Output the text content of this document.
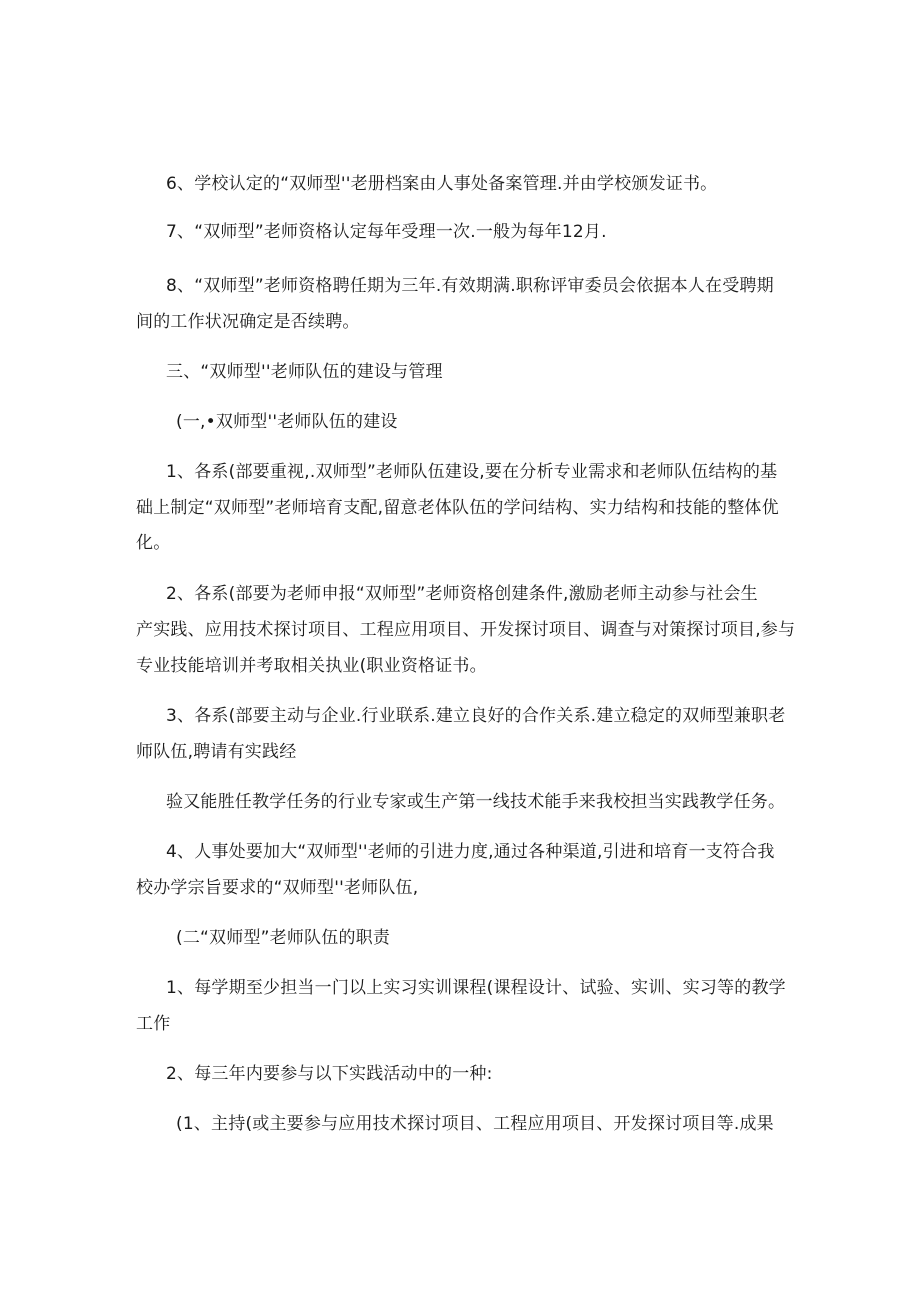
6、学校认定的“双师型''老册档案由人事处备案管理.并由学校颁发证书。
7、“双师型”老师资格认定每年受理一次.一般为每年12月.
8、“双师型”老师资格聘任期为三年.有效期满.职称评审委员会依据本人在受聘期
间的工作状况确定是否续聘。
三、“双师型''老师队伍的建设与管理
(一,•双师型''老师队伍的建设
1、各系(部要重视,.双师型”老师队伍建设,要在分析专业需求和老师队伍结构的基
础上制定“双师型”老师培育支配,留意老体队伍的学问结构、实力结构和技能的整体优
化。
2、各系(部要为老师申报“双师型”老师资格创建条件,激励老师主动参与社会生
产实践、应用技术探讨项目、工程应用项目、开发探讨项目、调查与对策探讨项目,参与
专业技能培训并考取相关执业(职业资格证书。
3、各系(部要主动与企业.行业联系.建立良好的合作关系.建立稳定的双师型兼职老
师队伍,聘请有实践经
验又能胜任教学任务的行业专家或生产第一线技术能手来我校担当实践教学任务。
4、人事处要加大“双师型''老师的引进力度,通过各种渠道,引进和培育一支符合我
校办学宗旨要求的“双师型''老师队伍,
(二“双师型”老师队伍的职责
1、每学期至少担当一门以上实习实训课程(课程设计、试验、实训、实习等的教学
工作
2、每三年内要参与以下实践活动中的一种:
(1、主持(或主要参与应用技术探讨项目、工程应用项目、开发探讨项目等.成果
